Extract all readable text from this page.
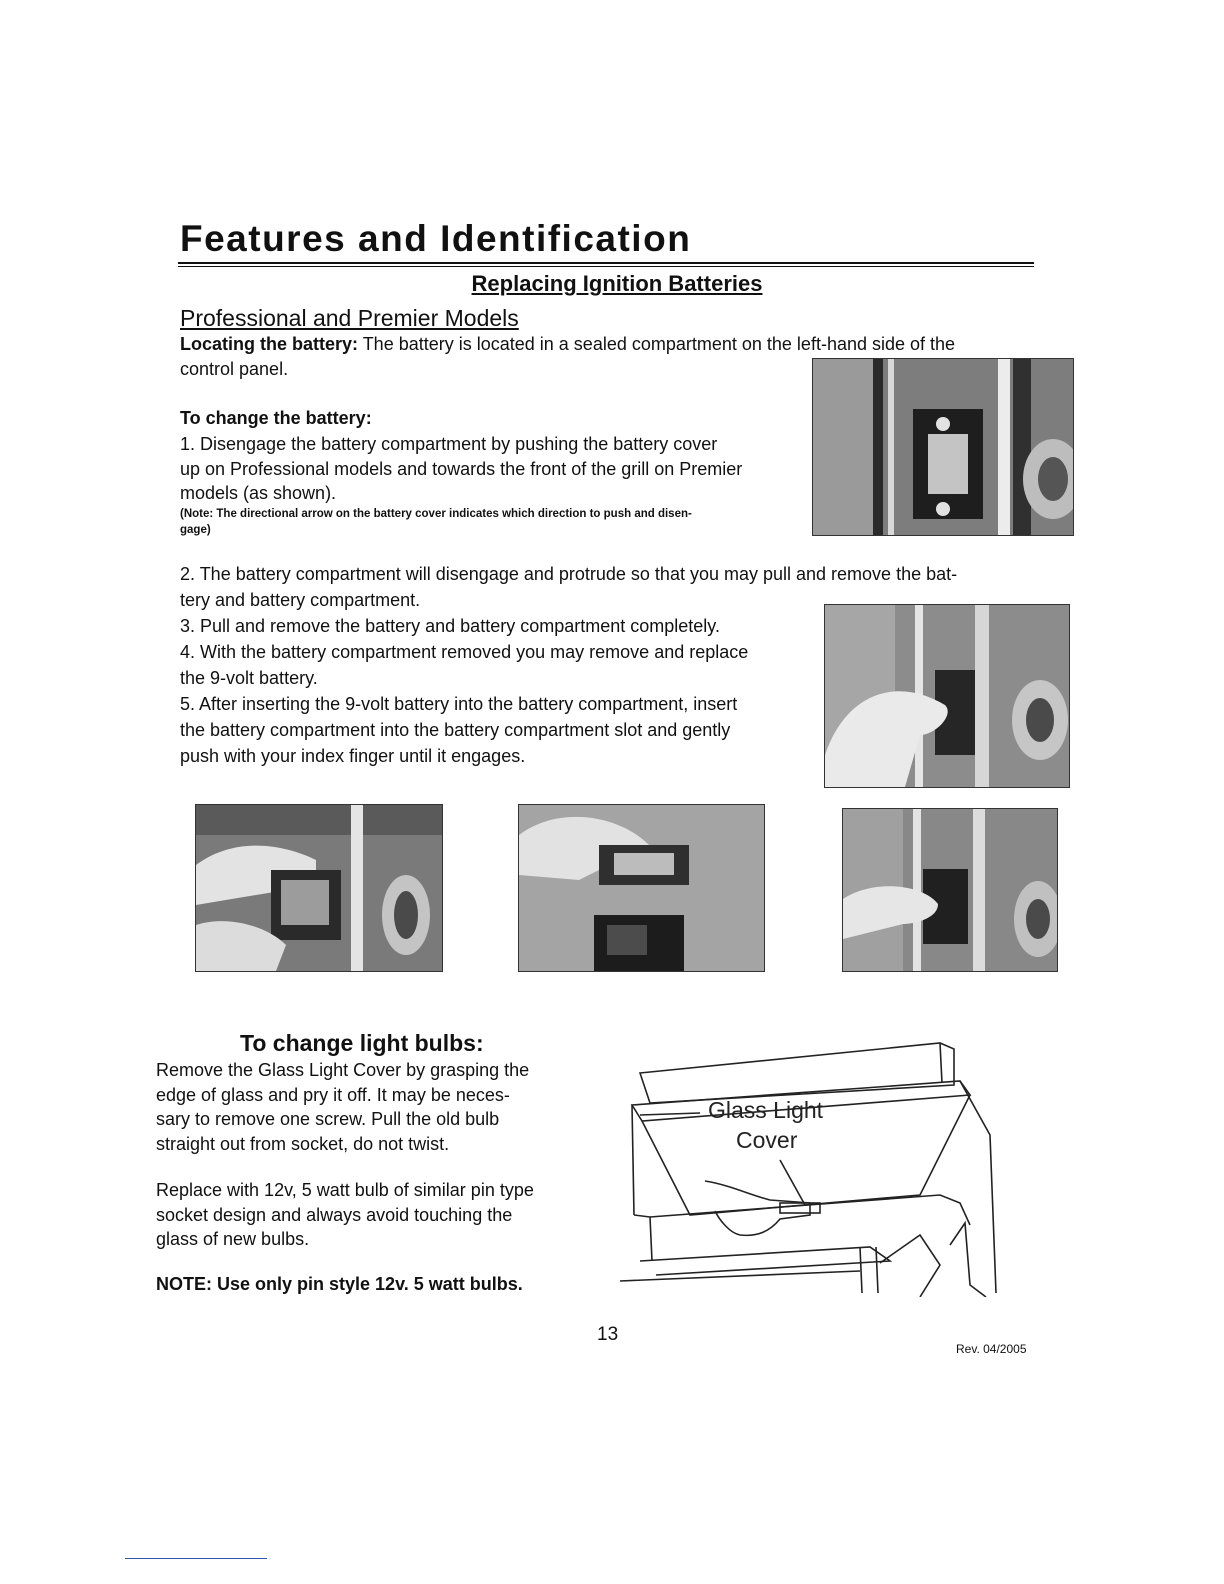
Features and Identification
Replacing Ignition Batteries
Professional and Premier Models
Locating the battery: The battery is located in a sealed compartment on the left-hand side of the
control panel.
To change the battery:
1. Disengage the battery compartment by pushing the battery cover
up on Professional models and towards the front of the grill on Premier
models (as shown).
(Note: The directional arrow on the battery cover indicates which direction to push and disen-
gage)
2. The battery compartment will disengage and protrude so that you may pull and remove the bat-
tery and battery compartment.
3. Pull and remove the battery and battery compartment completely.
4. With the battery compartment removed you may remove and replace
the 9-volt battery.
5. After inserting the 9-volt battery into the battery compartment, insert
the battery compartment into the battery compartment slot and gently
push with your index finger until it engages.
To change light bulbs:
Remove the Glass Light Cover by grasping the
edge of glass and pry it off. It may be neces-
sary to remove one screw. Pull the old bulb
straight out from socket, do not twist.
Replace with 12v, 5 watt bulb of similar pin type
socket design and always avoid touching the
glass of new bulbs.
NOTE: Use only pin style 12v. 5 watt bulbs.
Glass Light
Cover
13
Rev. 04/2005
